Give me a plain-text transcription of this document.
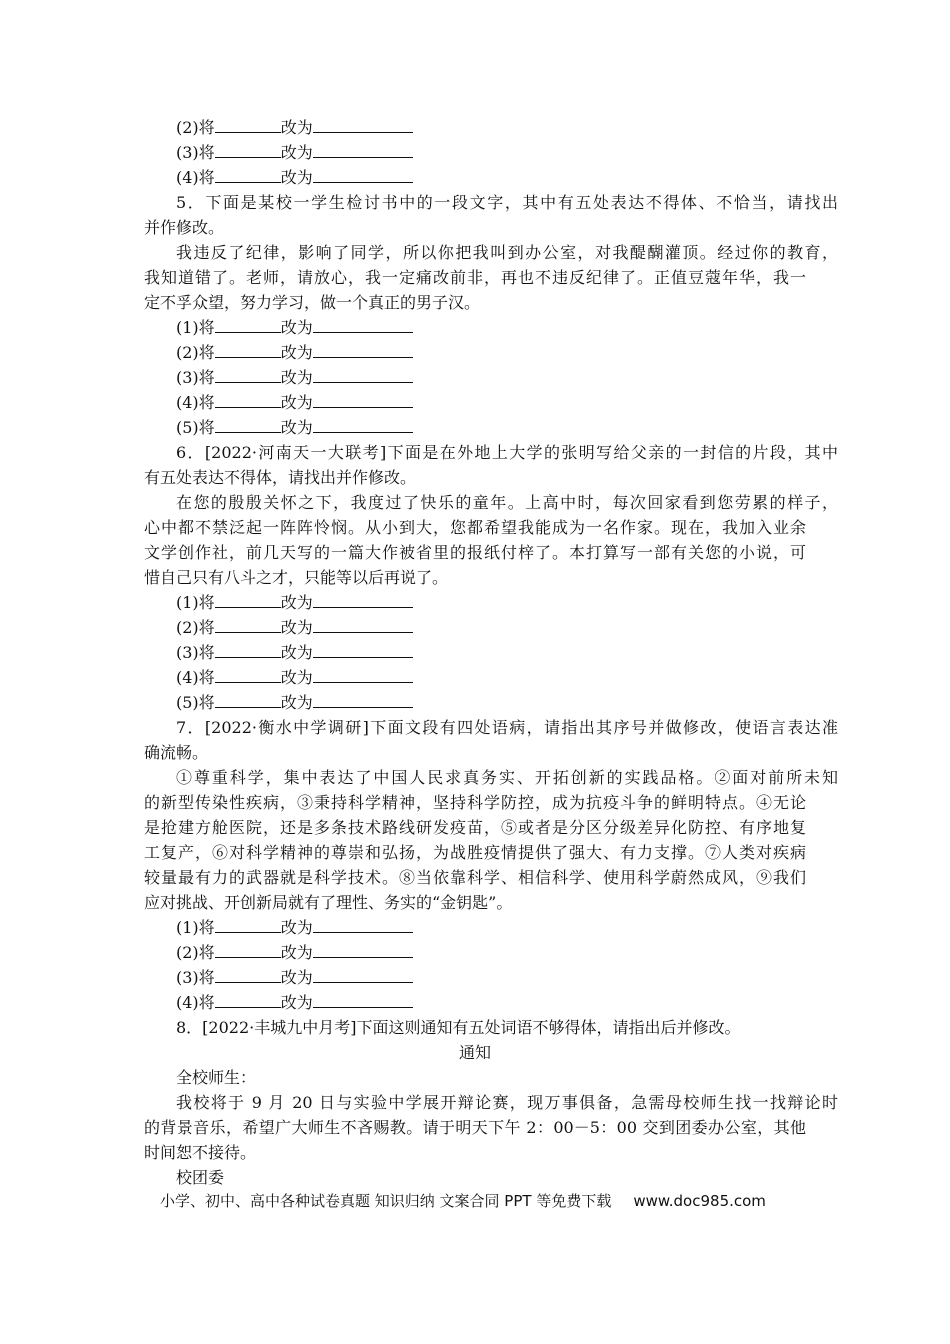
(2)将	改为
(3)将	改为
(4)将	改为
5．下面是某校一学生检讨书中的一段文字，其中有五处表达不得体、不恰当，请找出
并作修改。
我违反了纪律，影响了同学，所以你把我叫到办公室，对我醍醐灌顶。经过你的教育，
我知道错了。老师，请放心，我一定痛改前非，再也不违反纪律了。正值豆蔻年华，我一
定不孚众望，努力学习，做一个真正的男子汉。
(1)将	改为
(2)将	改为
(3)将	改为
(4)将	改为
(5)将	改为
6．[2022·河南天一大联考]下面是在外地上大学的张明写给父亲的一封信的片段，其中
有五处表达不得体，请找出并作修改。
在您的殷殷关怀之下，我度过了快乐的童年。上高中时，每次回家看到您劳累的样子，
心中都不禁泛起一阵阵怜悯。从小到大，您都希望我能成为一名作家。现在，我加入业余
文学创作社，前几天写的一篇大作被省里的报纸付梓了。本打算写一部有关您的小说，可
惜自己只有八斗之才，只能等以后再说了。
(1)将	改为
(2)将	改为
(3)将	改为
(4)将	改为
(5)将	改为
7．[2022·衡水中学调研]下面文段有四处语病，请指出其序号并做修改，使语言表达准
确流畅。
①尊重科学，集中表达了中国人民求真务实、开拓创新的实践品格。②面对前所未知
的新型传染性疾病，③秉持科学精神，坚持科学防控，成为抗疫斗争的鲜明特点。④无论
是抢建方舱医院，还是多条技术路线研发疫苗，⑤或者是分区分级差异化防控、有序地复
工复产，⑥对科学精神的尊崇和弘扬，为战胜疫情提供了强大、有力支撑。⑦人类对疾病
较量最有力的武器就是科学技术。⑧当依靠科学、相信科学、使用科学蔚然成风，⑨我们
应对挑战、开创新局就有了理性、务实的“金钥匙”。
(1)将	改为
(2)将	改为
(3)将	改为
(4)将	改为
8．[2022·丰城九中月考]下面这则通知有五处词语不够得体，请指出后并修改。
通知
全校师生：
我校将于 9 月 20 日与实验中学展开辩论赛，现万事俱备，急需母校师生找一找辩论时
的背景音乐，希望广大师生不吝赐教。请于明天下午 2：00－5：00 交到团委办公室，其他
时间恕不接待。
校团委
小学、初中、高中各种试卷真题 知识归纳 文案合同 PPT 等免费下载 www.doc985.com
